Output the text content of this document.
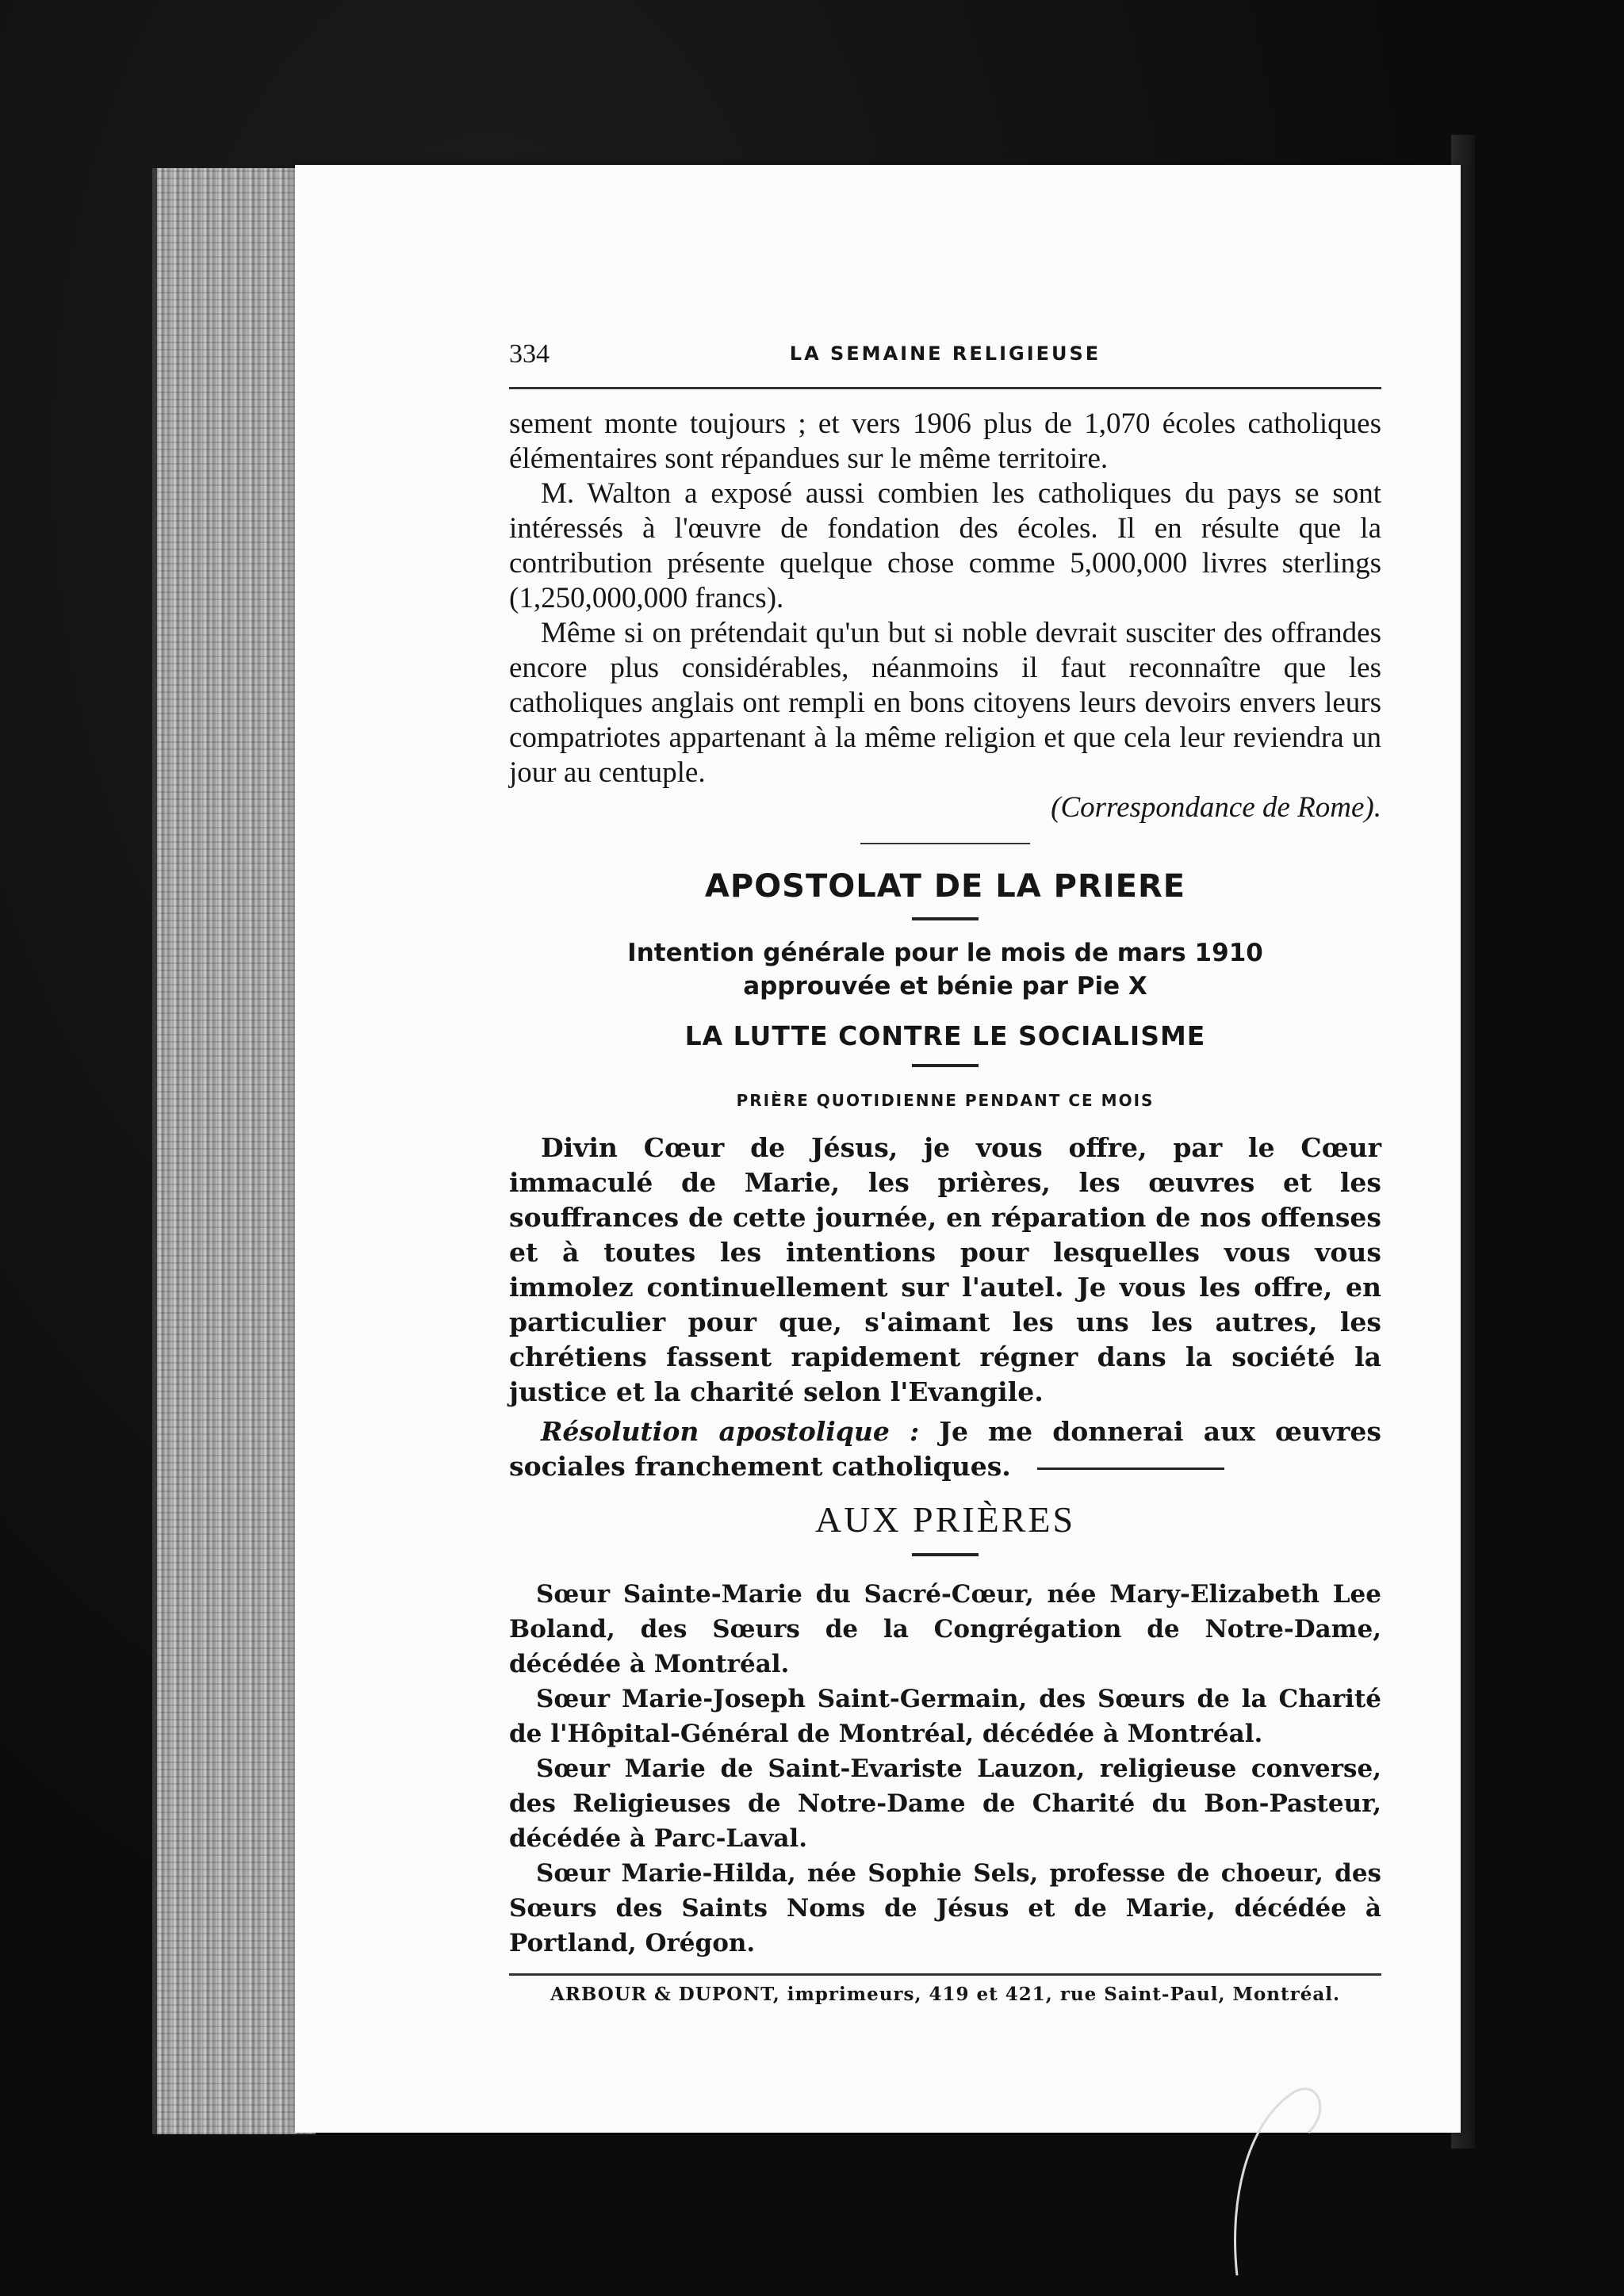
334	LA SEMAINE RELIGIEUSE

sement monte toujours ; et vers 1906 plus de 1,070 écoles catholiques élémentaires sont répandues sur le même territoire.

M. Walton a exposé aussi combien les catholiques du pays se sont intéressés à l'œuvre de fondation des écoles. Il en résulte que la contribution présente quelque chose comme 5,000,000 livres sterlings (1,250,000,000 francs).

Même si on prétendait qu'un but si noble devrait susciter des offrandes encore plus considérables, néanmoins il faut reconnaître que les catholiques anglais ont rempli en bons citoyens leurs devoirs envers leurs compatriotes appartenant à la même religion et que cela leur reviendra un jour au centuple.

(Correspondance de Rome).

APOSTOLAT DE LA PRIERE
Intention générale pour le mois de mars 1910
approuvée et bénie par Pie X
LA LUTTE CONTRE LE SOCIALISME
PRIÈRE QUOTIDIENNE PENDANT CE MOIS

Divin Cœur de Jésus, je vous offre, par le Cœur immaculé de Marie, les prières, les œuvres et les souffrances de cette journée, en réparation de nos offenses et à toutes les intentions pour lesquelles vous vous immolez continuellement sur l'autel. Je vous les offre, en particulier pour que, s'aimant les uns les autres, les chrétiens fassent rapidement régner dans la société la justice et la charité selon l'Evangile.

Résolution apostolique : Je me donnerai aux œuvres sociales franchement catholiques.

AUX PRIÈRES

Sœur Sainte-Marie du Sacré-Cœur, née Mary-Elizabeth Lee Boland, des Sœurs de la Congrégation de Notre-Dame, décédée à Montréal.

Sœur Marie-Joseph Saint-Germain, des Sœurs de la Charité de l'Hôpital-Général de Montréal, décédée à Montréal.

Sœur Marie de Saint-Evariste Lauzon, religieuse converse, des Religieuses de Notre-Dame de Charité du Bon-Pasteur, décédée à Parc-Laval.

Sœur Marie-Hilda, née Sophie Sels, professe de choeur, des Sœurs des Saints Noms de Jésus et de Marie, décédée à Portland, Orégon.

ARBOUR & DUPONT, imprimeurs, 419 et 421, rue Saint-Paul, Montréal.
